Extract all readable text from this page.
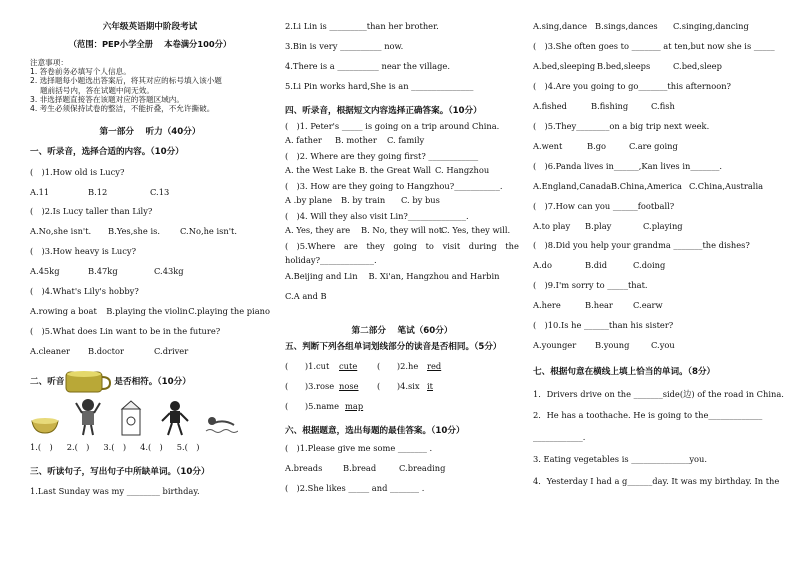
六年级英语期中阶段考试
（范围：PEP小学全册　 本卷满分100分）
注意事项：
1. 答卷前务必填写个人信息。
2. 选择题每小题选出答案后，将其对应的标号填入该小题
　 题前括号内，答在试题中间无效。
3. 非选择题直接答在该题对应的答题区域内。
4. 考生必须保持试卷的整洁，不能折叠，不允许撕破。
第一部分　 听力（40分）
一、听录音，选择合适的内容。（10分）
(　)1.How old is Lucy?
A.11	B.12	C.13
(　)2.Is Lucy taller than Lily?
A.No,she isn't.	B.Yes,she is.	C.No,he isn't.
(　)3.How heavy is Lucy?
A.45kg	B.47kg	C.43kg
(　)4.What's Lily's hobby?
A.rowing a boat	B.playing the violin C.playing the piano
(　)5.What does Lin want to be in the future?
A.cleaner	B.doctor	C.driver
二、听音	是否相符。（10分）
1.(　) 2.(　) 3.(　) 4.(　) 5.(　)
三、听读句子，写出句子中所缺单词。（10分）
1.Last Sunday was my ________ birthday.
2.Li Lin is _________than her brother.
3.Bin is very __________ now.
4.There is a __________ near the village.
5.Li Pin works hard,She is an _______________
四、听录音，根据短文内容选择正确答案。（10分）
(　)1. Peter's _____ is going on a trip around China.
A. father	B. mother	C. family
(　)2. Where are they going first? ____________
A. the West Lake B. the Great Wall C. Hangzhou
(　)3. How are they going to Hangzhou?___________.
A .by plane	B. by train	C. by bus
(　)4. Will they also visit Lin?______________.
A. Yes, they are	B. No, they will not.
C. Yes, they will.
(　)5.Where are they going to visit during the
holiday?_____________.
A.Beijing and Lin　 B. Xi'an, Hangzhou and Harbin
C.A and B
第二部分　 笔试（60分）
五、判断下列各组单词划线部分的读音是否相同。（5分）
(　　)1.cut	cute	(　　)2.he	red
(　　)3.rose nose	(　　)4.six it
(　　)5.name map
六、根据题意，选出每题的最佳答案。（10分）
(　)1.Please give me some _______ .
A.breads	B.bread	C.breading
(　)2.She likes _____ and _______ .
A.sing,dance B.sings,dances	C.singing,dancing
(　)3.She often goes to _______ at ten,but now she is _____
A.bed,sleeping B.bed,sleeps	C.bed,sleep
(　)4.Are you going to go_______this afternoon?
A.fished	B.fishing	C.fish
(　)5.They________on a big trip next week.
A.went	B.go	C.are going
(　)6.Panda lives in______,Kan lives in_______.
A.England,Canada B.China,America C.China,Australia
(　)7.How can you ______football?
A.to play	B.play	C.playing
(　)8.Did you help your grandma _______the dishes?
A.do	B.did	C.doing
(　)9.I'm sorry to _____that.
A.here	B.hear	C.earw
(　)10.Is he ______than his sister?
A.younger	B.young	C.you
七、根据句意在横线上填上恰当的单词。（8分）
1．Drivers drive on the _______side(边) of the road in China.
2．He has a toothache. He is going to the_____________
____________.
3. Eating vegetables is ______________you.
4．Yesterday I had a g______day. It was my birthday. In the
